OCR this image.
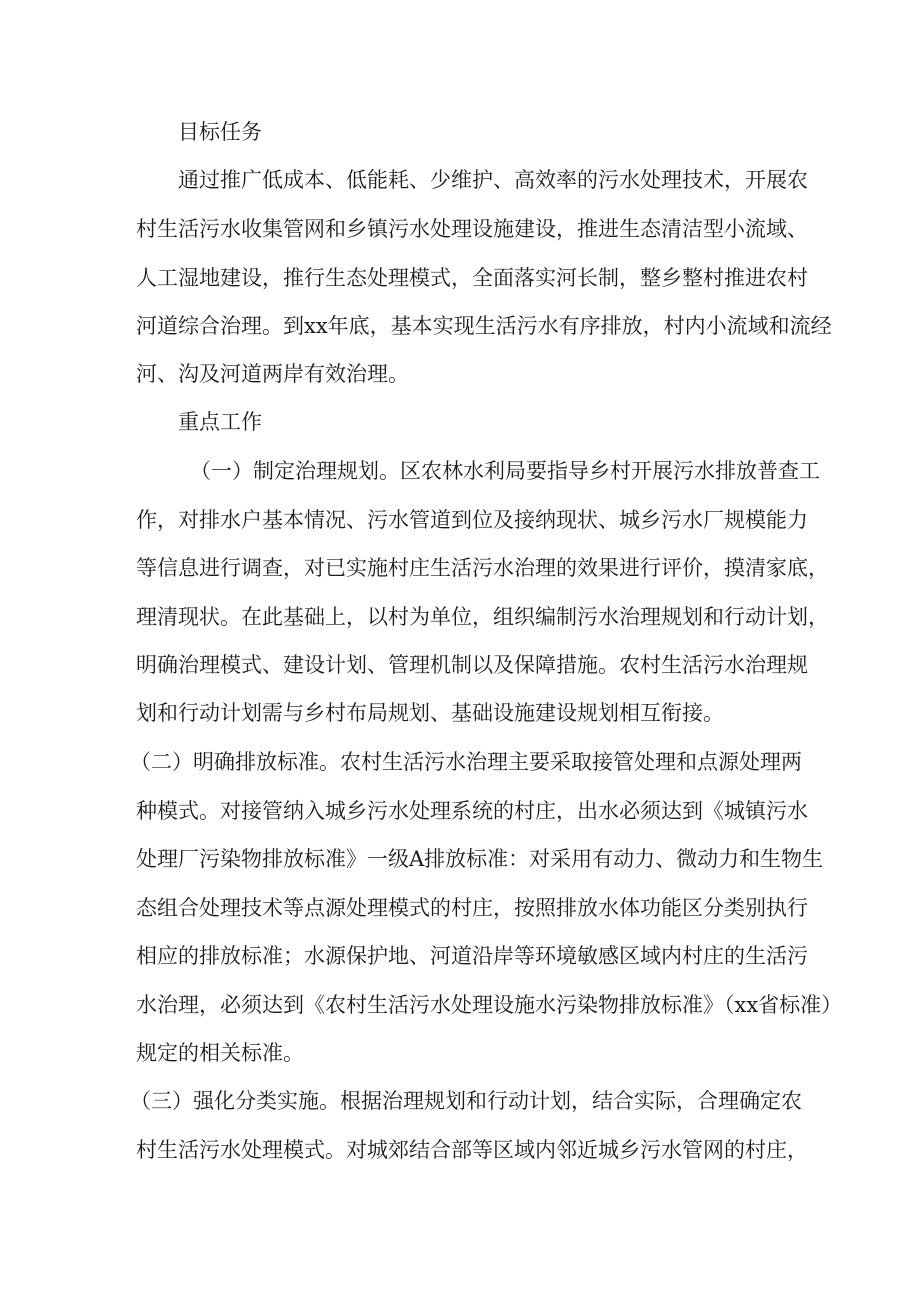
目标任务
通过推广低成本、低能耗、少维护、高效率的污水处理技术，开展农
村生活污水收集管网和乡镇污水处理设施建设，推进生态清洁型小流域、
人工湿地建设，推行生态处理模式，全面落实河长制，整乡整村推进农村
河道综合治理。到xx年底，基本实现生活污水有序排放，村内小流域和流经
河、沟及河道两岸有效治理。
重点工作
（一）制定治理规划。区农林水利局要指导乡村开展污水排放普查工
作，对排水户基本情况、污水管道到位及接纳现状、城乡污水厂规模能力
等信息进行调查，对已实施村庄生活污水治理的效果进行评价，摸清家底，
理清现状。在此基础上，以村为单位，组织编制污水治理规划和行动计划，
明确治理模式、建设计划、管理机制以及保障措施。农村生活污水治理规
划和行动计划需与乡村布局规划、基础设施建设规划相互衔接。
（二）明确排放标准。农村生活污水治理主要采取接管处理和点源处理两
种模式。对接管纳入城乡污水处理系统的村庄，出水必须达到《城镇污水
处理厂污染物排放标准》一级A排放标准：对采用有动力、微动力和生物生
态组合处理技术等点源处理模式的村庄，按照排放水体功能区分类别执行
相应的排放标准；水源保护地、河道沿岸等环境敏感区域内村庄的生活污
水治理，必须达到《农村生活污水处理设施水污染物排放标准》（xx省标准）
规定的相关标准。
（三）强化分类实施。根据治理规划和行动计划，结合实际，合理确定农
村生活污水处理模式。对城郊结合部等区域内邻近城乡污水管网的村庄，
